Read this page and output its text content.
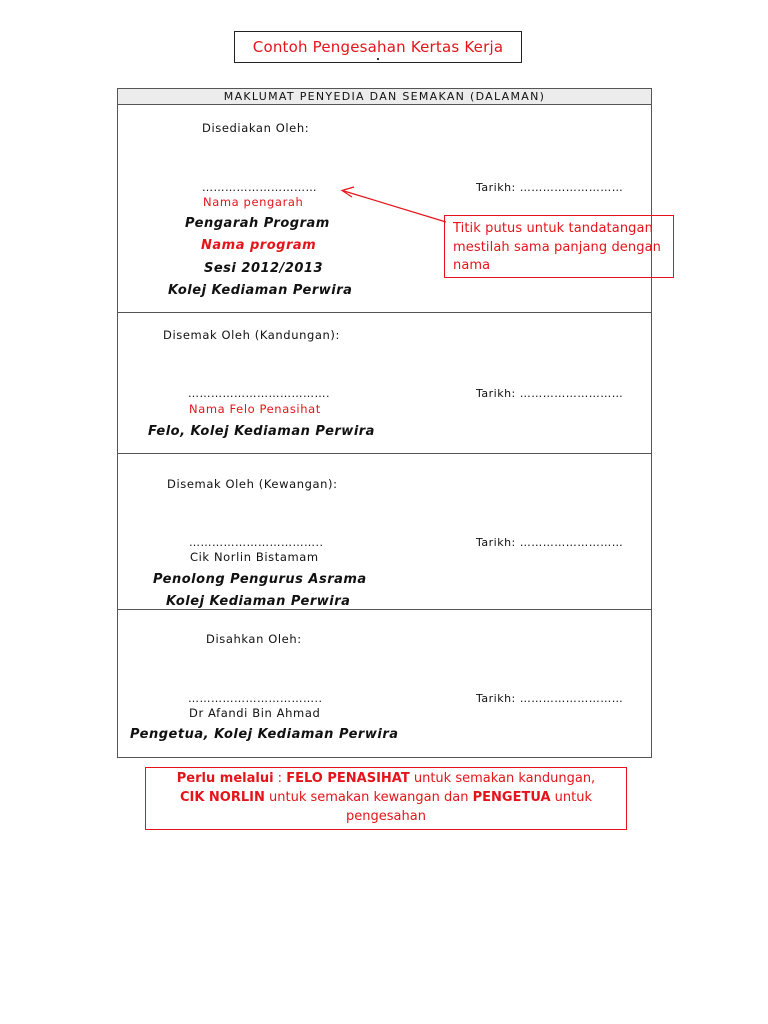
Contoh Pengesahan Kertas Kerja
MAKLUMAT PENYEDIA DAN SEMAKAN (DALAMAN)
Disediakan Oleh:
…………………………	Tarikh: ………………………
Nama pengarah
Pengarah Program
Nama program
Sesi 2012/2013
Kolej Kediaman Perwira
Titik putus untuk tandatangan mestilah sama panjang dengan nama
Disemak Oleh (Kandungan):
……………………………….	Tarikh: ………………………
Nama Felo Penasihat
Felo, Kolej Kediaman Perwira
Disemak Oleh (Kewangan):
……………………………..	Tarikh: ………………………
Cik Norlin Bistamam
Penolong Pengurus Asrama
Kolej Kediaman Perwira
Disahkan Oleh:
……………………………..	Tarikh: ………………………
Dr Afandi Bin Ahmad
Pengetua, Kolej Kediaman Perwira
Perlu melalui : FELO PENASIHAT untuk semakan kandungan,
CIK NORLIN untuk semakan kewangan dan PENGETUA untuk pengesahan
